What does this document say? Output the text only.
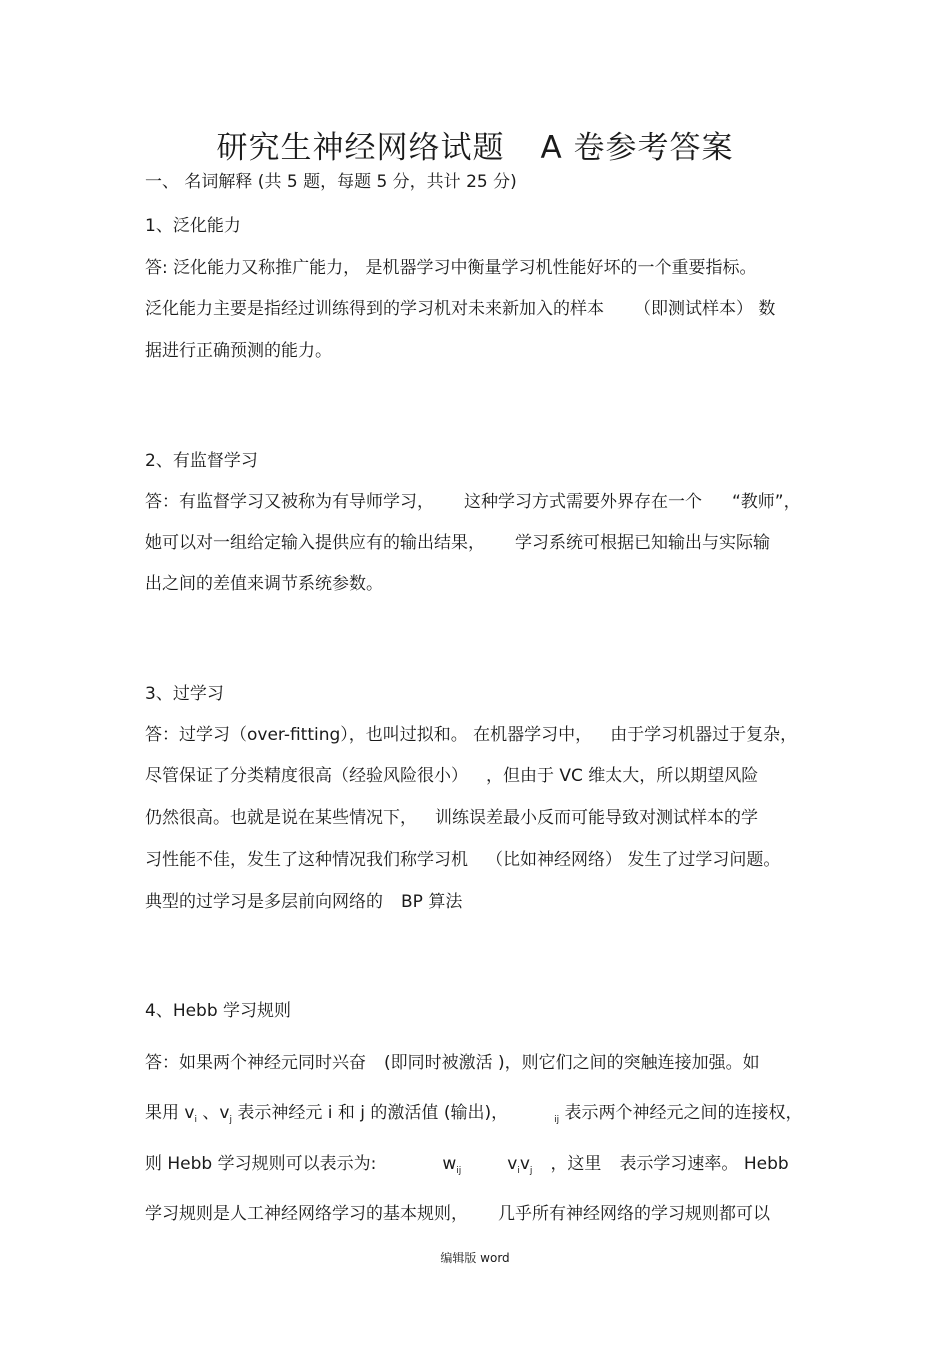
研究生神经网络试题 A 卷参考答案
一、 名词解释 (共 5 题，每题 5 分，共计 25 分)
1、泛化能力
答: 泛化能力又称推广能力， 是机器学习中衡量学习机性能好坏的一个重要指标。
泛化能力主要是指经过训练得到的学习机对未来新加入的样本 （即测试样本） 数
据进行正确预测的能力。
2、有监督学习
答：有监督学习又被称为有导师学习， 这种学习方式需要外界存在一个 “教师”，
她可以对一组给定输入提供应有的输出结果， 学习系统可根据已知输出与实际输
出之间的差值来调节系统参数。
3、过学习
答：过学习（over-fitting），也叫过拟和。 在机器学习中， 由于学习机器过于复杂，
尽管保证了分类精度很高（经验风险很小） ，但由于 VC 维太大，所以期望风险
仍然很高。也就是说在某些情况下， 训练误差最小反而可能导致对测试样本的学
习性能不佳，发生了这种情况我们称学习机 （比如神经网络） 发生了过学习问题。
典型的过学习是多层前向网络的 BP 算法
4、Hebb 学习规则
答：如果两个神经元同时兴奋 (即同时被激活 )，则它们之间的突触连接加强。如
果用 $v_i$ 、$v_j$ 表示神经元 i 和 j 的激活值 (输出)，	$_{ij}$ 表示两个神经元之间的连接权，
则 Hebb 学习规则可以表示为:	$w_{ij}$	$v_iv_j$ ，这里 表示学习速率。 Hebb
学习规则是人工神经网络学习的基本规则， 几乎所有神经网络的学习规则都可以
编辑版 word
